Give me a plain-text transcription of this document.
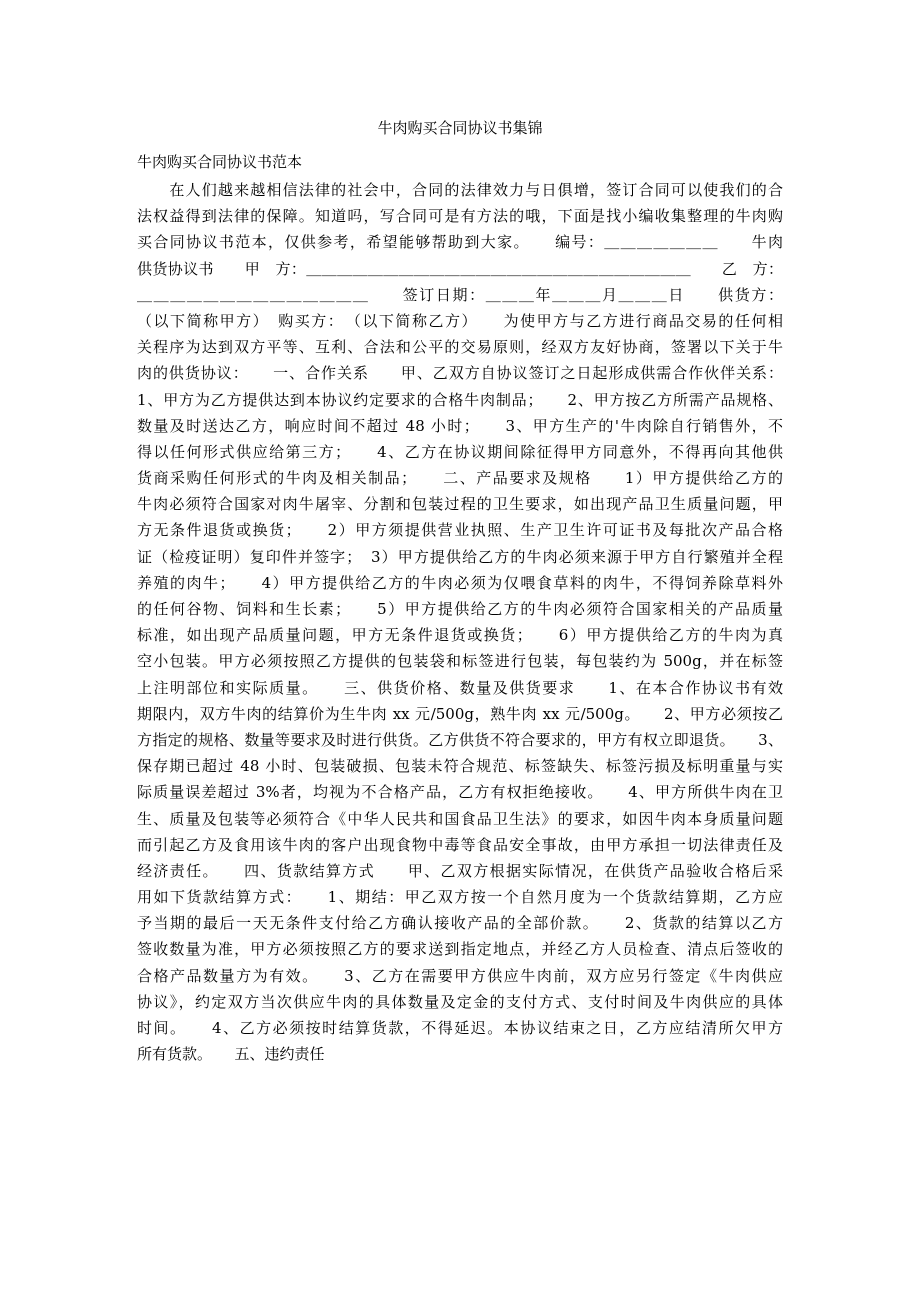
牛肉购买合同协议书集锦
牛肉购买合同协议书范本
　　在人们越来越相信法律的社会中，合同的法律效力与日俱增，签订合同可以使我们的合
法权益得到法律的保障。知道吗，写合同可是有方法的哦，下面是找小编收集整理的牛肉购
买合同协议书范本，仅供参考，希望能够帮助到大家。　　编号：＿＿＿＿＿＿＿　　牛肉
供货协议书　　甲　方：＿＿＿＿＿＿＿＿＿＿＿＿＿＿＿＿＿＿＿＿＿＿＿＿＿　　乙　方：
＿＿＿＿＿＿＿＿＿＿＿＿＿＿　　签订日期：＿＿＿年＿＿＿月＿＿＿日　　供货方：
（以下简称甲方）　购买方：　（以下简称乙方）　　为使甲方与乙方进行商品交易的任何相
关程序为达到双方平等、互利、合法和公平的交易原则，经双方友好协商，签署以下关于牛
肉的供货协议：　　一、合作关系　　甲、乙双方自协议签订之日起形成供需合作伙伴关系：
1、甲方为乙方提供达到本协议约定要求的合格牛肉制品；　　2、甲方按乙方所需产品规格、
数量及时送达乙方，响应时间不超过 48 小时；　　3、甲方生产的'牛肉除自行销售外，不
得以任何形式供应给第三方；　　4、乙方在协议期间除征得甲方同意外，不得再向其他供
货商采购任何形式的牛肉及相关制品；　　二、产品要求及规格　　1）甲方提供给乙方的
牛肉必须符合国家对肉牛屠宰、分割和包装过程的卫生要求，如出现产品卫生质量问题，甲
方无条件退货或换货；　　2）甲方须提供营业执照、生产卫生许可证书及每批次产品合格
证（检疫证明）复印件并签字；　3）甲方提供给乙方的牛肉必须来源于甲方自行繁殖并全程
养殖的肉牛；　　4）甲方提供给乙方的牛肉必须为仅喂食草料的肉牛，不得饲养除草料外
的任何谷物、饲料和生长素；　　5）甲方提供给乙方的牛肉必须符合国家相关的产品质量
标准，如出现产品质量问题，甲方无条件退货或换货；　　6）甲方提供给乙方的牛肉为真
空小包装。甲方必须按照乙方提供的包装袋和标签进行包装，每包装约为 500g，并在标签
上注明部位和实际质量。　　三、供货价格、数量及供货要求　　1、在本合作协议书有效
期限内，双方牛肉的结算价为生牛肉 xx 元/500g，熟牛肉 xx 元/500g。　　2、甲方必须按乙
方指定的规格、数量等要求及时进行供货。乙方供货不符合要求的，甲方有权立即退货。　　3、
保存期已超过 48 小时、包装破损、包装未符合规范、标签缺失、标签污损及标明重量与实
际质量误差超过 3%者，均视为不合格产品，乙方有权拒绝接收。　　4、甲方所供牛肉在卫
生、质量及包装等必须符合《中华人民共和国食品卫生法》的要求，如因牛肉本身质量问题
而引起乙方及食用该牛肉的客户出现食物中毒等食品安全事故，由甲方承担一切法律责任及
经济责任。　　四、货款结算方式　　甲、乙双方根据实际情况，在供货产品验收合格后采
用如下货款结算方式：　　1、期结：甲乙双方按一个自然月度为一个货款结算期，乙方应
予当期的最后一天无条件支付给乙方确认接收产品的全部价款。　　2、货款的结算以乙方
签收数量为准，甲方必须按照乙方的要求送到指定地点，并经乙方人员检查、清点后签收的
合格产品数量方为有效。　　3、乙方在需要甲方供应牛肉前，双方应另行签定《牛肉供应
协议》，约定双方当次供应牛肉的具体数量及定金的支付方式、支付时间及牛肉供应的具体
时间。　　4、乙方必须按时结算货款，不得延迟。本协议结束之日，乙方应结清所欠甲方
所有货款。　　五、违约责任
